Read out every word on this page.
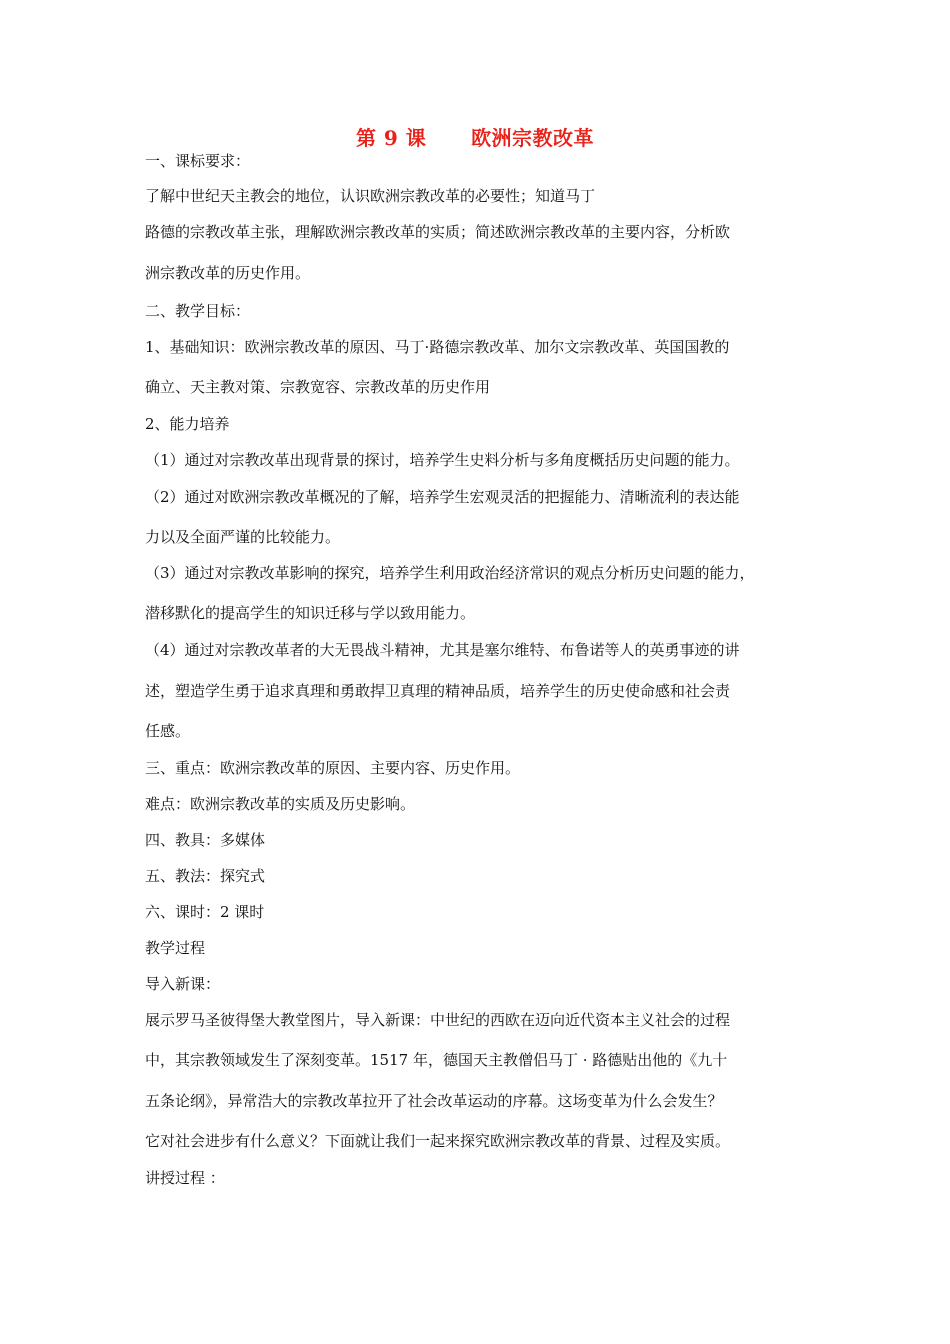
第 9 课 欧洲宗教改革
一、课标要求：
了解中世纪天主教会的地位，认识欧洲宗教改革的必要性；知道马丁
路德的宗教改革主张，理解欧洲宗教改革的实质；简述欧洲宗教改革的主要内容，分析欧
洲宗教改革的历史作用。
二、教学目标：
1、基础知识：欧洲宗教改革的原因、马丁·路德宗教改革、加尔文宗教改革、英国国教的
确立、天主教对策、宗教宽容、宗教改革的历史作用
2、能力培养
（1）通过对宗教改革出现背景的探讨，培养学生史料分析与多角度概括历史问题的能力。
（2）通过对欧洲宗教改革概况的了解，培养学生宏观灵活的把握能力、清晰流利的表达能
力以及全面严谨的比较能力。
（3）通过对宗教改革影响的探究，培养学生利用政治经济常识的观点分析历史问题的能力，
潜移默化的提高学生的知识迁移与学以致用能力。
（4）通过对宗教改革者的大无畏战斗精神，尤其是塞尔维特、布鲁诺等人的英勇事迹的讲
述，塑造学生勇于追求真理和勇敢捍卫真理的精神品质，培养学生的历史使命感和社会责
任感。
三、重点：欧洲宗教改革的原因、主要内容、历史作用。
难点：欧洲宗教改革的实质及历史影响。
四、教具：多媒体
五、教法：探究式
六、课时：2 课时
教学过程
导入新课：
展示罗马圣彼得堡大教堂图片，导入新课：中世纪的西欧在迈向近代资本主义社会的过程
中，其宗教领域发生了深刻变革。1517 年，德国天主教僧侣马丁 · 路德贴出他的《九十
五条论纲》，异常浩大的宗教改革拉开了社会改革运动的序幕。这场变革为什么会发生？
它对社会进步有什么意义？下面就让我们一起来探究欧洲宗教改革的背景、过程及实质。
讲授过程 ：
